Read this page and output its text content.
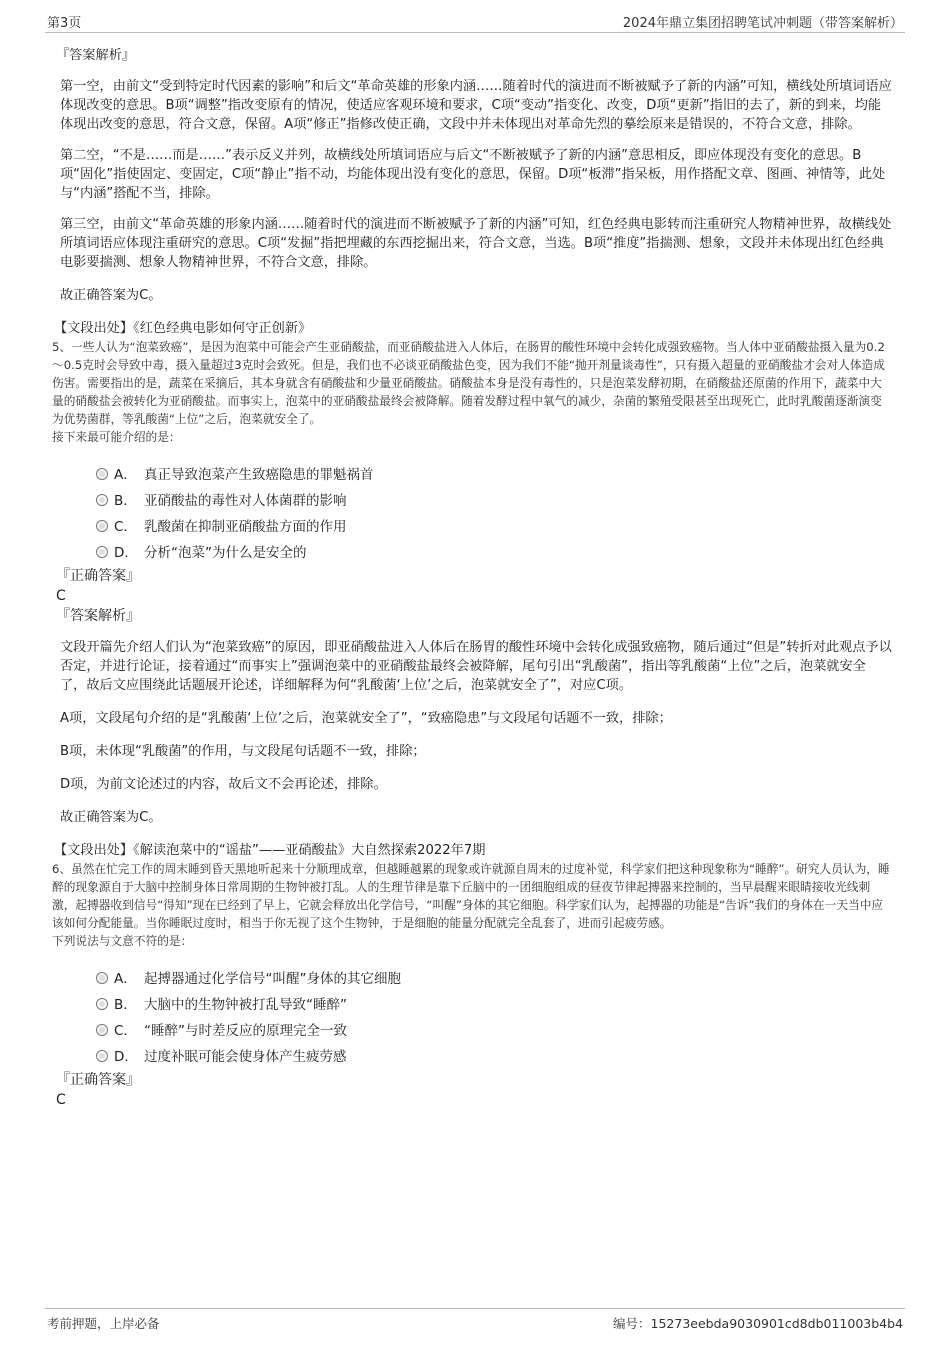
第3页	2024年鼎立集团招聘笔试冲刺题（带答案解析）

『答案解析』

第一空，由前文“受到特定时代因素的影响”和后文“革命英雄的形象内涵……随着时代的演进而不断被赋予了新的内涵”可知，横线处所填词语应体现改变的意思。B项“调整”指改变原有的情况，使适应客观环境和要求，C项“变动”指变化、改变，D项“更新”指旧的去了，新的到来，均能体现出改变的意思，符合文意，保留。A项“修正”指修改使正确，文段中并未体现出对革命先烈的摹绘原来是错误的，不符合文意，排除。

第二空，“不是……而是……”表示反义并列，故横线处所填词语应与后文“不断被赋予了新的内涵”意思相反，即应体现没有变化的意思。B项“固化”指使固定、变固定，C项“静止”指不动，均能体现出没有变化的意思，保留。D项“板滞”指呆板，用作搭配文章、图画、神情等，此处与“内涵”搭配不当，排除。

第三空，由前文“革命英雄的形象内涵……随着时代的演进而不断被赋予了新的内涵”可知，红色经典电影转而注重研究人物精神世界，故横线处所填词语应体现注重研究的意思。C项“发掘”指把埋藏的东西挖掘出来，符合文意，当选。B项“推度”指揣测、想象，文段并未体现出红色经典电影要揣测、想象人物精神世界，不符合文意，排除。

故正确答案为C。

【文段出处】《红色经典电影如何守正创新》

5、一些人认为“泡菜致癌”，是因为泡菜中可能会产生亚硝酸盐，而亚硝酸盐进入人体后，在肠胃的酸性环境中会转化成强致癌物。当人体中亚硝酸盐摄入量为0.2～0.5克时会导致中毒，摄入量超过3克时会致死。但是，我们也不必谈亚硝酸盐色变，因为我们不能“抛开剂量谈毒性”，只有摄入超量的亚硝酸盐才会对人体造成伤害。需要指出的是，蔬菜在采摘后，其本身就含有硝酸盐和少量亚硝酸盐。硝酸盐本身是没有毒性的，只是泡菜发酵初期，在硝酸盐还原菌的作用下，蔬菜中大量的硝酸盐会被转化为亚硝酸盐。而事实上，泡菜中的亚硝酸盐最终会被降解。随着发酵过程中氧气的减少，杂菌的繁殖受限甚至出现死亡，此时乳酸菌逐渐演变为优势菌群，等乳酸菌“上位”之后，泡菜就安全了。

接下来最可能介绍的是：

A． 真正导致泡菜产生致癌隐患的罪魁祸首
B． 亚硝酸盐的毒性对人体菌群的影响
C． 乳酸菌在抑制亚硝酸盐方面的作用
D． 分析“泡菜”为什么是安全的

『正确答案』

C

『答案解析』

文段开篇先介绍人们认为“泡菜致癌”的原因，即亚硝酸盐进入人体后在肠胃的酸性环境中会转化成强致癌物，随后通过“但是”转折对此观点予以否定，并进行论证，接着通过“而事实上”强调泡菜中的亚硝酸盐最终会被降解，尾句引出“乳酸菌”，指出等乳酸菌“上位”之后，泡菜就安全了，故后文应围绕此话题展开论述，详细解释为何“乳酸菌‘上位’之后，泡菜就安全了”，对应C项。

A项，文段尾句介绍的是“乳酸菌‘上位’之后，泡菜就安全了”，“致癌隐患”与文段尾句话题不一致，排除；

B项，未体现“乳酸菌”的作用，与文段尾句话题不一致，排除；

D项，为前文论述过的内容，故后文不会再论述，排除。

故正确答案为C。

【文段出处】《解读泡菜中的“谣盐”——亚硝酸盐》大自然探索2022年7期

6、虽然在忙完工作的周末睡到昏天黑地听起来十分顺理成章，但越睡越累的现象或许就源自周末的过度补觉，科学家们把这种现象称为“睡醉”。研究人员认为，睡醉的现象源自于大脑中控制身体日常周期的生物钟被打乱。人的生理节律是靠下丘脑中的一团细胞组成的昼夜节律起搏器来控制的，当早晨醒来眼睛接收光线刺激，起搏器收到信号“得知”现在已经到了早上，它就会释放出化学信号，“叫醒”身体的其它细胞。科学家们认为，起搏器的功能是“告诉”我们的身体在一天当中应该如何分配能量。当你睡眠过度时，相当于你无视了这个生物钟，于是细胞的能量分配就完全乱套了，进而引起疲劳感。

下列说法与文意不符的是：

A． 起搏器通过化学信号“叫醒”身体的其它细胞
B． 大脑中的生物钟被打乱导致“睡醉”
C． “睡醉”与时差反应的原理完全一致
D． 过度补眠可能会使身体产生疲劳感

『正确答案』

C

考前押题，上岸必备	编号：15273eebda9030901cd8db011003b4b4
